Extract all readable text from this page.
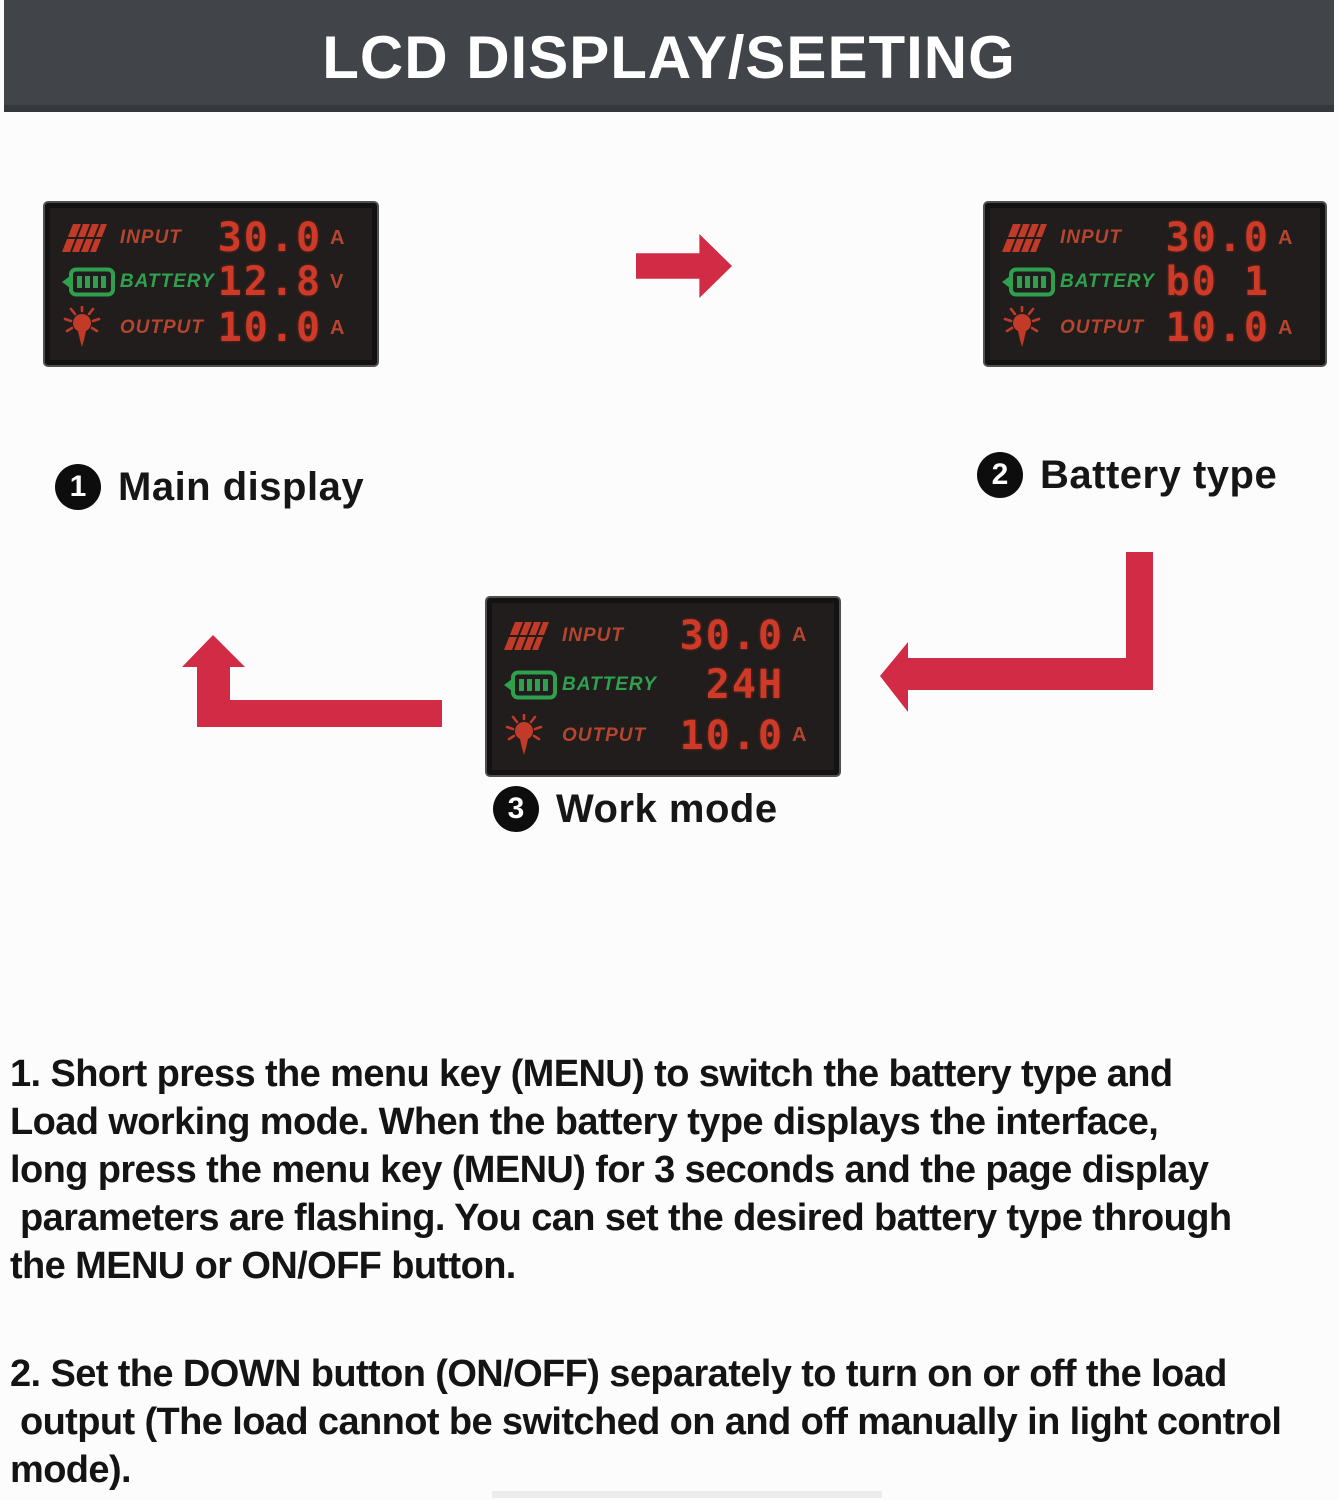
LCD DISPLAY/SEETING
INPUT 30.0 A
BATTERY 12.8 V
OUTPUT 10.0 A
INPUT	30.0 A
BATTERY b0 1
OUTPUT 10.0 A
1 Main display	2 Battery type
INPUT	30.0 A
BATTERY	24H
OUTPUT 10.0 A
3 Work mode
1. Short press the menu key (MENU) to switch the battery type and
Load working mode. When the battery type displays the interface,
long press the menu key (MENU) for 3 seconds and the page display
parameters are flashing. You can set the desired battery type through
the MENU or ON/OFF button.
2. Set the DOWN button (ON/OFF) separately to turn on or off the load
output (The load cannot be switched on and off manually in light control
mode).
